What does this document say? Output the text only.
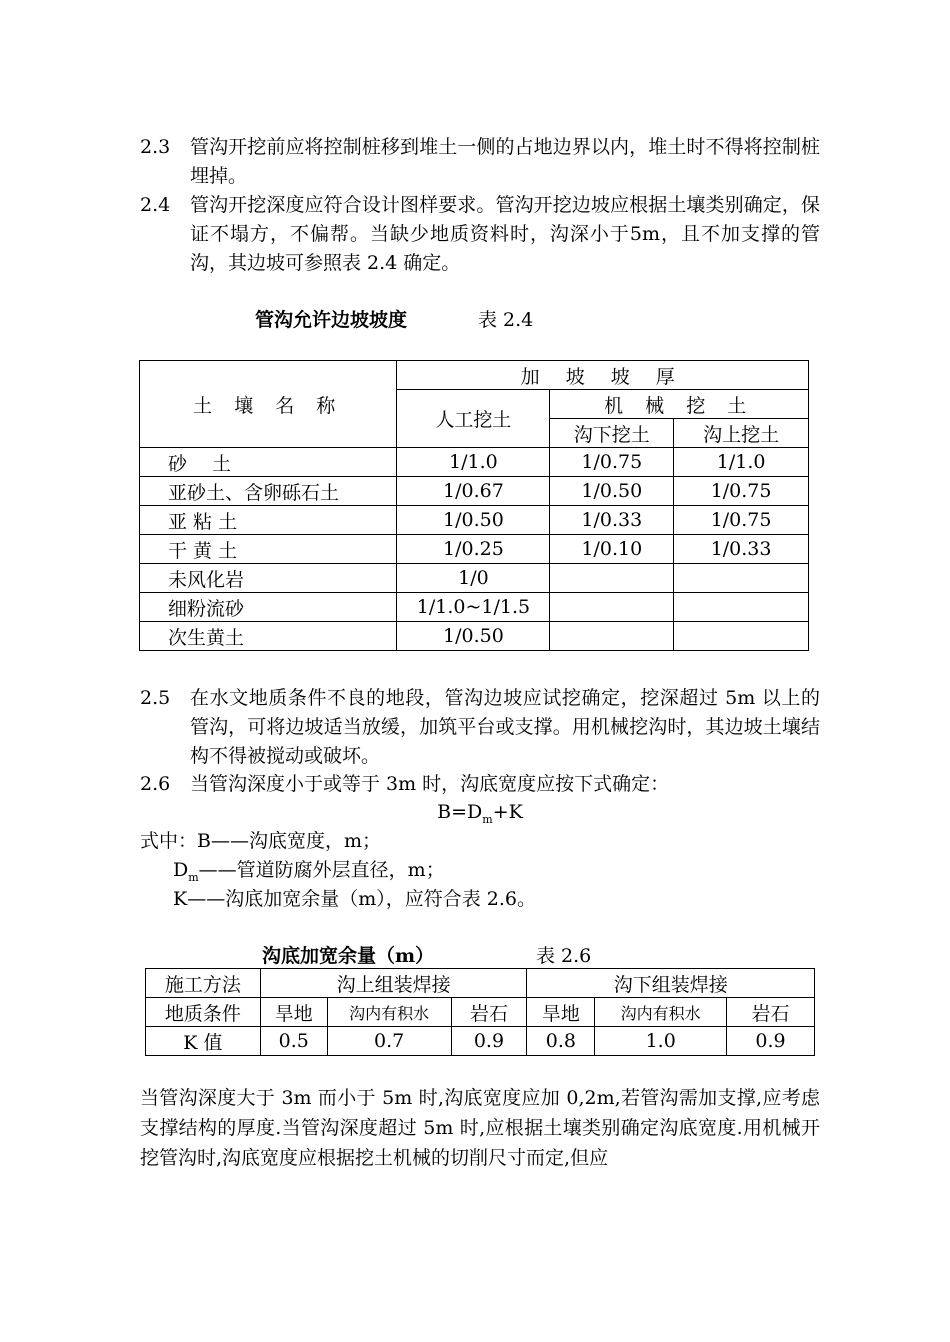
2.3 管沟开挖前应将控制桩移到堆土一侧的占地边界以内，堆土时不得将控制桩埋掉。
2.4 管沟开挖深度应符合设计图样要求。管沟开挖边坡应根据土壤类别确定，保证不塌方，不偏帮。当缺少地质资料时，沟深小于5m，且不加支撑的管沟，其边坡可参照表 2.4 确定。
管沟允许边坡坡度	表 2.4
土 壤 名 称	加 坡 坡 厚		
	人工挖土	机 械 挖 土	
		沟下挖土	沟上挖土
砂　 土	1/1.0	1/0.75	1/1.0
亚砂土、含卵砾石土	1/0.67	1/0.50	1/0.75
亚 粘 土	1/0.50	1/0.33	1/0.75
干 黄 土	1/0.25	1/0.10	1/0.33
未风化岩	1/0		
细粉流砂	1/1.0~1/1.5		
次生黄土	1/0.50		
2.5 在水文地质条件不良的地段，管沟边坡应试挖确定，挖深超过 5m 以上的管沟，可将边坡适当放缓，加筑平台或支撑。用机械挖沟时，其边坡土壤结构不得被搅动或破坏。
2.6 当管沟深度小于或等于 3m 时，沟底宽度应按下式确定：
$B=D_m+K$
式中：B——沟底宽度，m；
$D_m——$管道防腐外层直径，m；
K——沟底加宽余量（m），应符合表 2.6。
沟底加宽余量（m）	表 2.6
施工方法	沟上组装焊接			沟下组装焊接		
地质条件	旱地	沟内有积水	岩石	旱地	沟内有积水	岩石
K 值	0.5	0.7	0.9	0.8	1.0	0.9
当管沟深度大于 3m 而小于 5m 时,沟底宽度应加 0,2m,若管沟需加支撑,应考虑支撑结构的厚度.当管沟深度超过 5m 时,应根据土壤类别确定沟底宽度.用机械开挖管沟时,沟底宽度应根据挖土机械的切削尺寸而定,但应
